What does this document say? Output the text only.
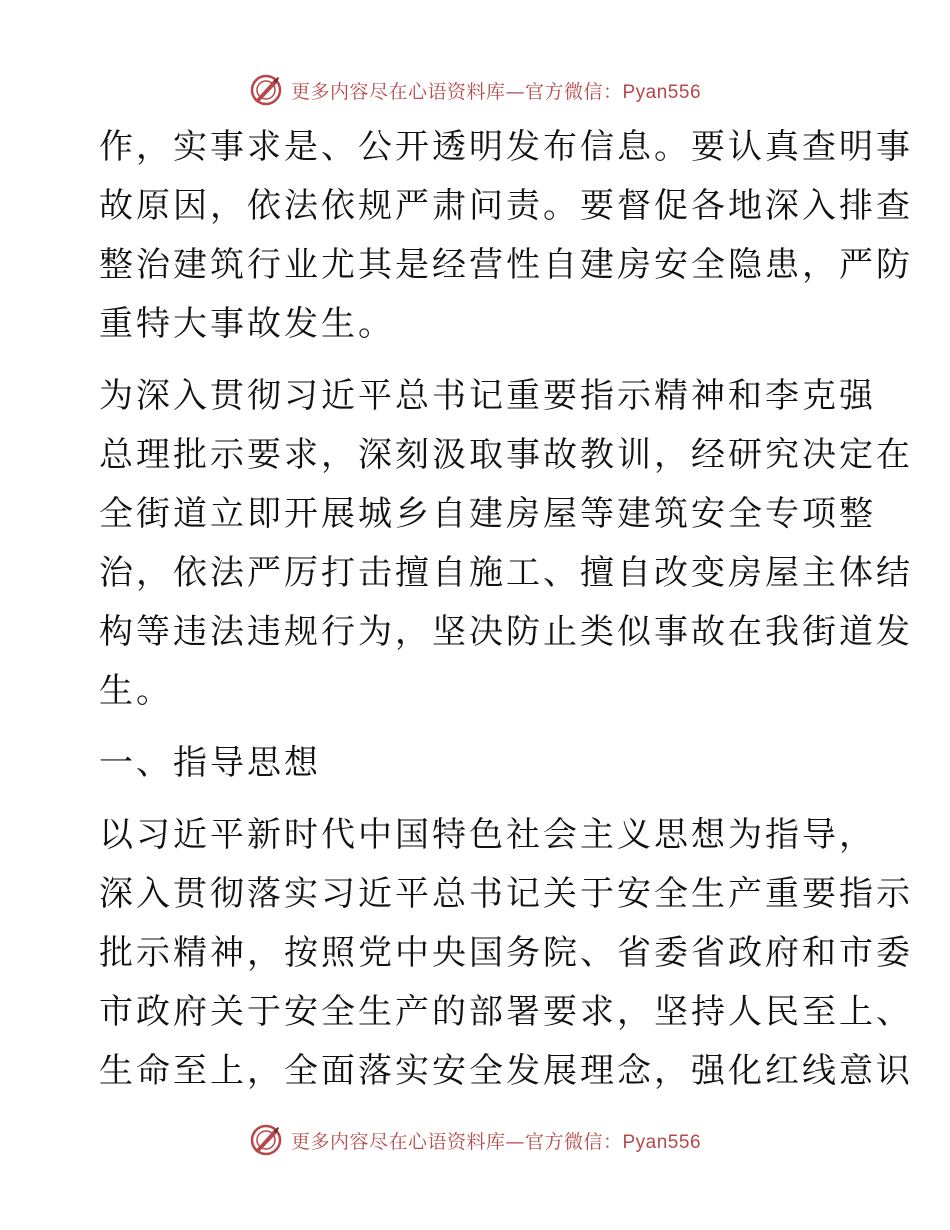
更多内容尽在心语资料库—官方微信：Pyan556
作，实事求是、公开透明发布信息。要认真查明事
故原因，依法依规严肃问责。要督促各地深入排查
整治建筑行业尤其是经营性自建房安全隐患，严防
重特大事故发生。
为深入贯彻习近平总书记重要指示精神和李克强
总理批示要求，深刻汲取事故教训，经研究决定在
全街道立即开展城乡自建房屋等建筑安全专项整
治，依法严厉打击擅自施工、擅自改变房屋主体结
构等违法违规行为，坚决防止类似事故在我街道发
生。
一、指导思想
以习近平新时代中国特色社会主义思想为指导，
深入贯彻落实习近平总书记关于安全生产重要指示
批示精神，按照党中央国务院、省委省政府和市委
市政府关于安全生产的部署要求，坚持人民至上、
生命至上，全面落实安全发展理念，强化红线意识
更多内容尽在心语资料库—官方微信：Pyan556
